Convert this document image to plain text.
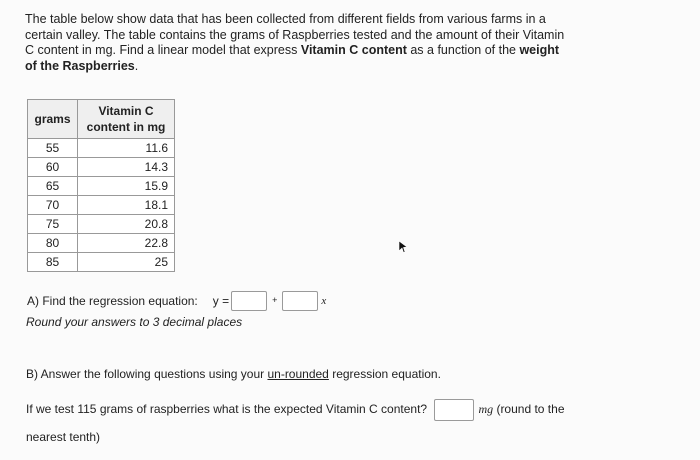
The table below show data that has been collected from different fields from various farms in a certain valley. The table contains the grams of Raspberries tested and the amount of their Vitamin C content in mg. Find a linear model that express Vitamin C content as a function of the weight of the Raspberries.
grams	Vitamin C
content in mg
55	11.6
60	14.3
65	15.9
70	18.1
75	20.8
80	22.8
85	25
A) Find the regression equation: y =	+	x
Round your answers to 3 decimal places
B) Answer the following questions using your un-rounded regression equation.
If we test 115 grams of raspberries what is the expected Vitamin C content?	mg (round to the nearest tenth)
